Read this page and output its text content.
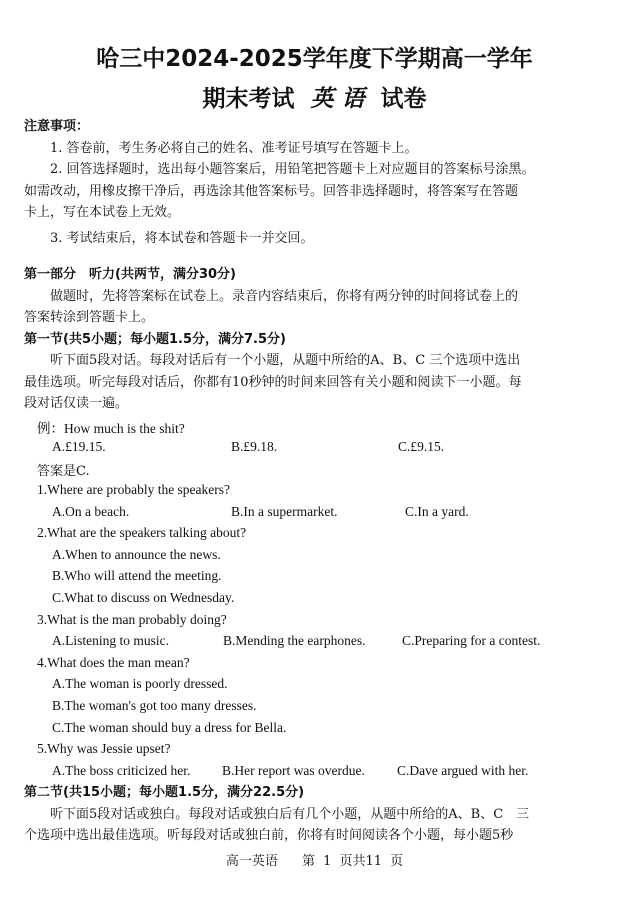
哈三中2024-2025学年度下学期高一学年
期末考试 英 语 试卷
注意事项：
1. 答卷前，考生务必将自己的姓名、准考证号填写在答题卡上。
2. 回答选择题时，选出每小题答案后，用铅笔把答题卡上对应题目的答案标号涂黑。
如需改动，用橡皮擦干净后，再选涂其他答案标号。回答非选择题时，将答案写在答题
卡上，写在本试卷上无效。
3. 考试结束后，将本试卷和答题卡一并交回。
第一部分　听力(共两节，满分30分)
做题时，先将答案标在试卷上。录音内容结束后，你将有两分钟的时间将试卷上的
答案转涂到答题卡上。
第一节(共5小题；每小题1.5分，满分7.5分)
听下面5段对话。每段对话后有一个小题，从题中所给的A、B、C 三个选项中选出
最佳选项。听完每段对话后，你都有10秒钟的时间来回答有关小题和阅读下一小题。每
段对话仅读一遍。
例：How much is the shit?
A.£19.15.	B.£9.18.	C.£9.15.
答案是C.
1.Where are probably the speakers?
A.On a beach.	B.In a supermarket.	C.In a yard.
2.What are the speakers talking about?
A.When to announce the news.
B.Who will attend the meeting.
C.What to discuss on Wednesday.
3.What is the man probably doing?
A.Listening to music.	B.Mending the earphones.	C.Preparing for a contest.
4.What does the man mean?
A.The woman is poorly dressed.
B.The woman's got too many dresses.
C.The woman should buy a dress for Bella.
5.Why was Jessie upset?
A.The boss criticized her. B.Her report was overdue. C.Dave argued with her.
第二节(共15小题；每小题1.5分，满分22.5分)
听下面5段对话或独白。每段对话或独白后有几个小题，从题中所给的A、B、C　三
个选项中选出最佳选项。听每段对话或独白前，你将有时间阅读各个小题，每小题5秒
高一英语 第 1 页共11 页
